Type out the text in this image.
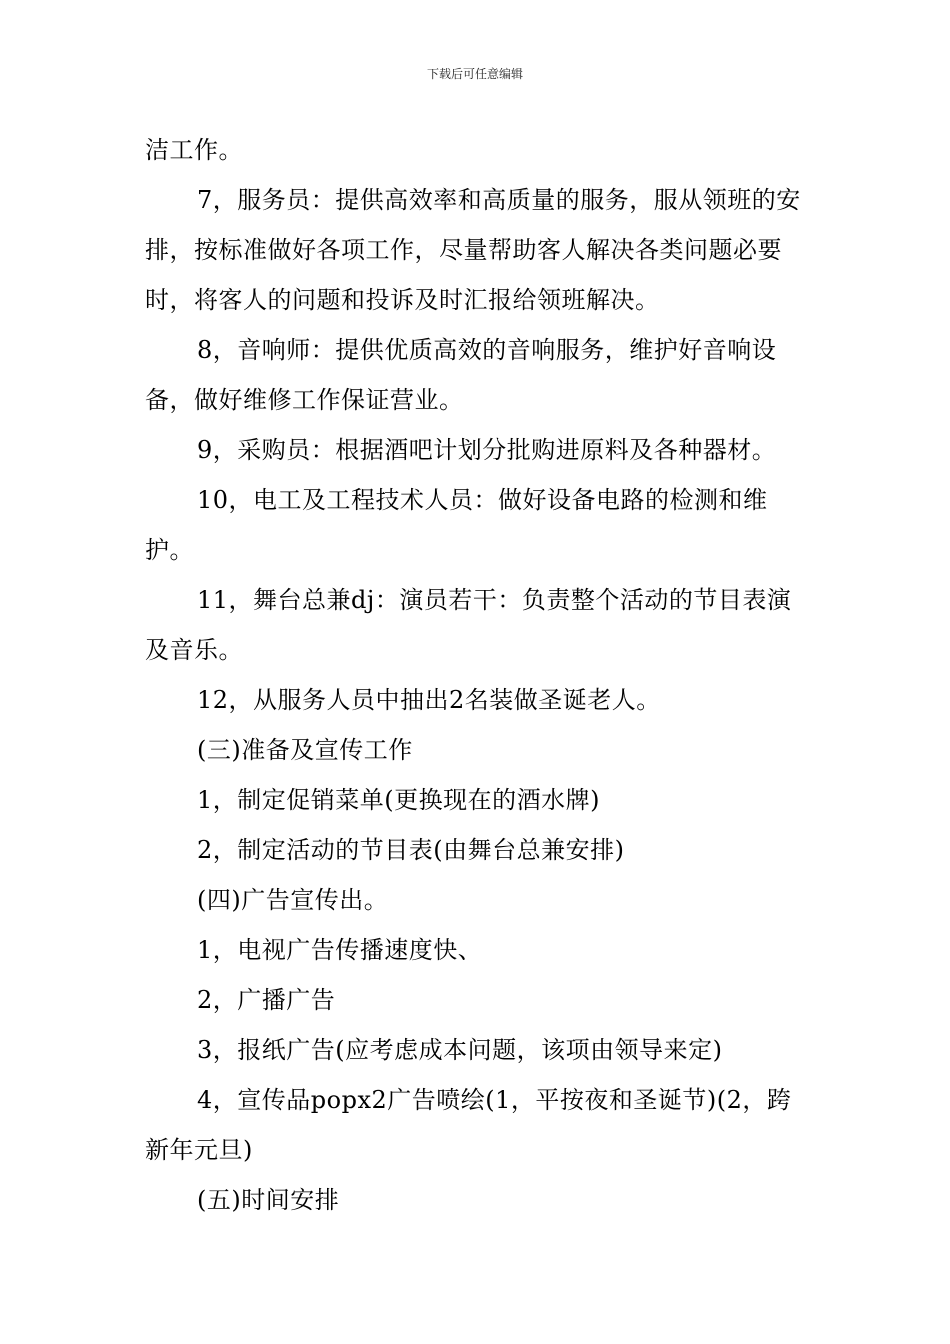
下载后可任意编辑

洁工作。

7，服务员：提供高效率和高质量的服务，服从领班的安排，按标准做好各项工作，尽量帮助客人解决各类问题必要时，将客人的问题和投诉及时汇报给领班解决。

8，音响师：提供优质高效的音响服务，维护好音响设备，做好维修工作保证营业。

9，采购员：根据酒吧计划分批购进原料及各种器材。

10，电工及工程技术人员：做好设备电路的检测和维护。

11，舞台总兼dj：演员若干：负责整个活动的节目表演及音乐。

12，从服务人员中抽出2名装做圣诞老人。

(三)准备及宣传工作

1，制定促销菜单(更换现在的酒水牌)

2，制定活动的节目表(由舞台总兼安排)

(四)广告宣传出。

1，电视广告传播速度快、

2，广播广告

3，报纸广告(应考虑成本问题，该项由领导来定)

4，宣传品popx2广告喷绘(1，平按夜和圣诞节)(2，跨新年元旦)

(五)时间安排
